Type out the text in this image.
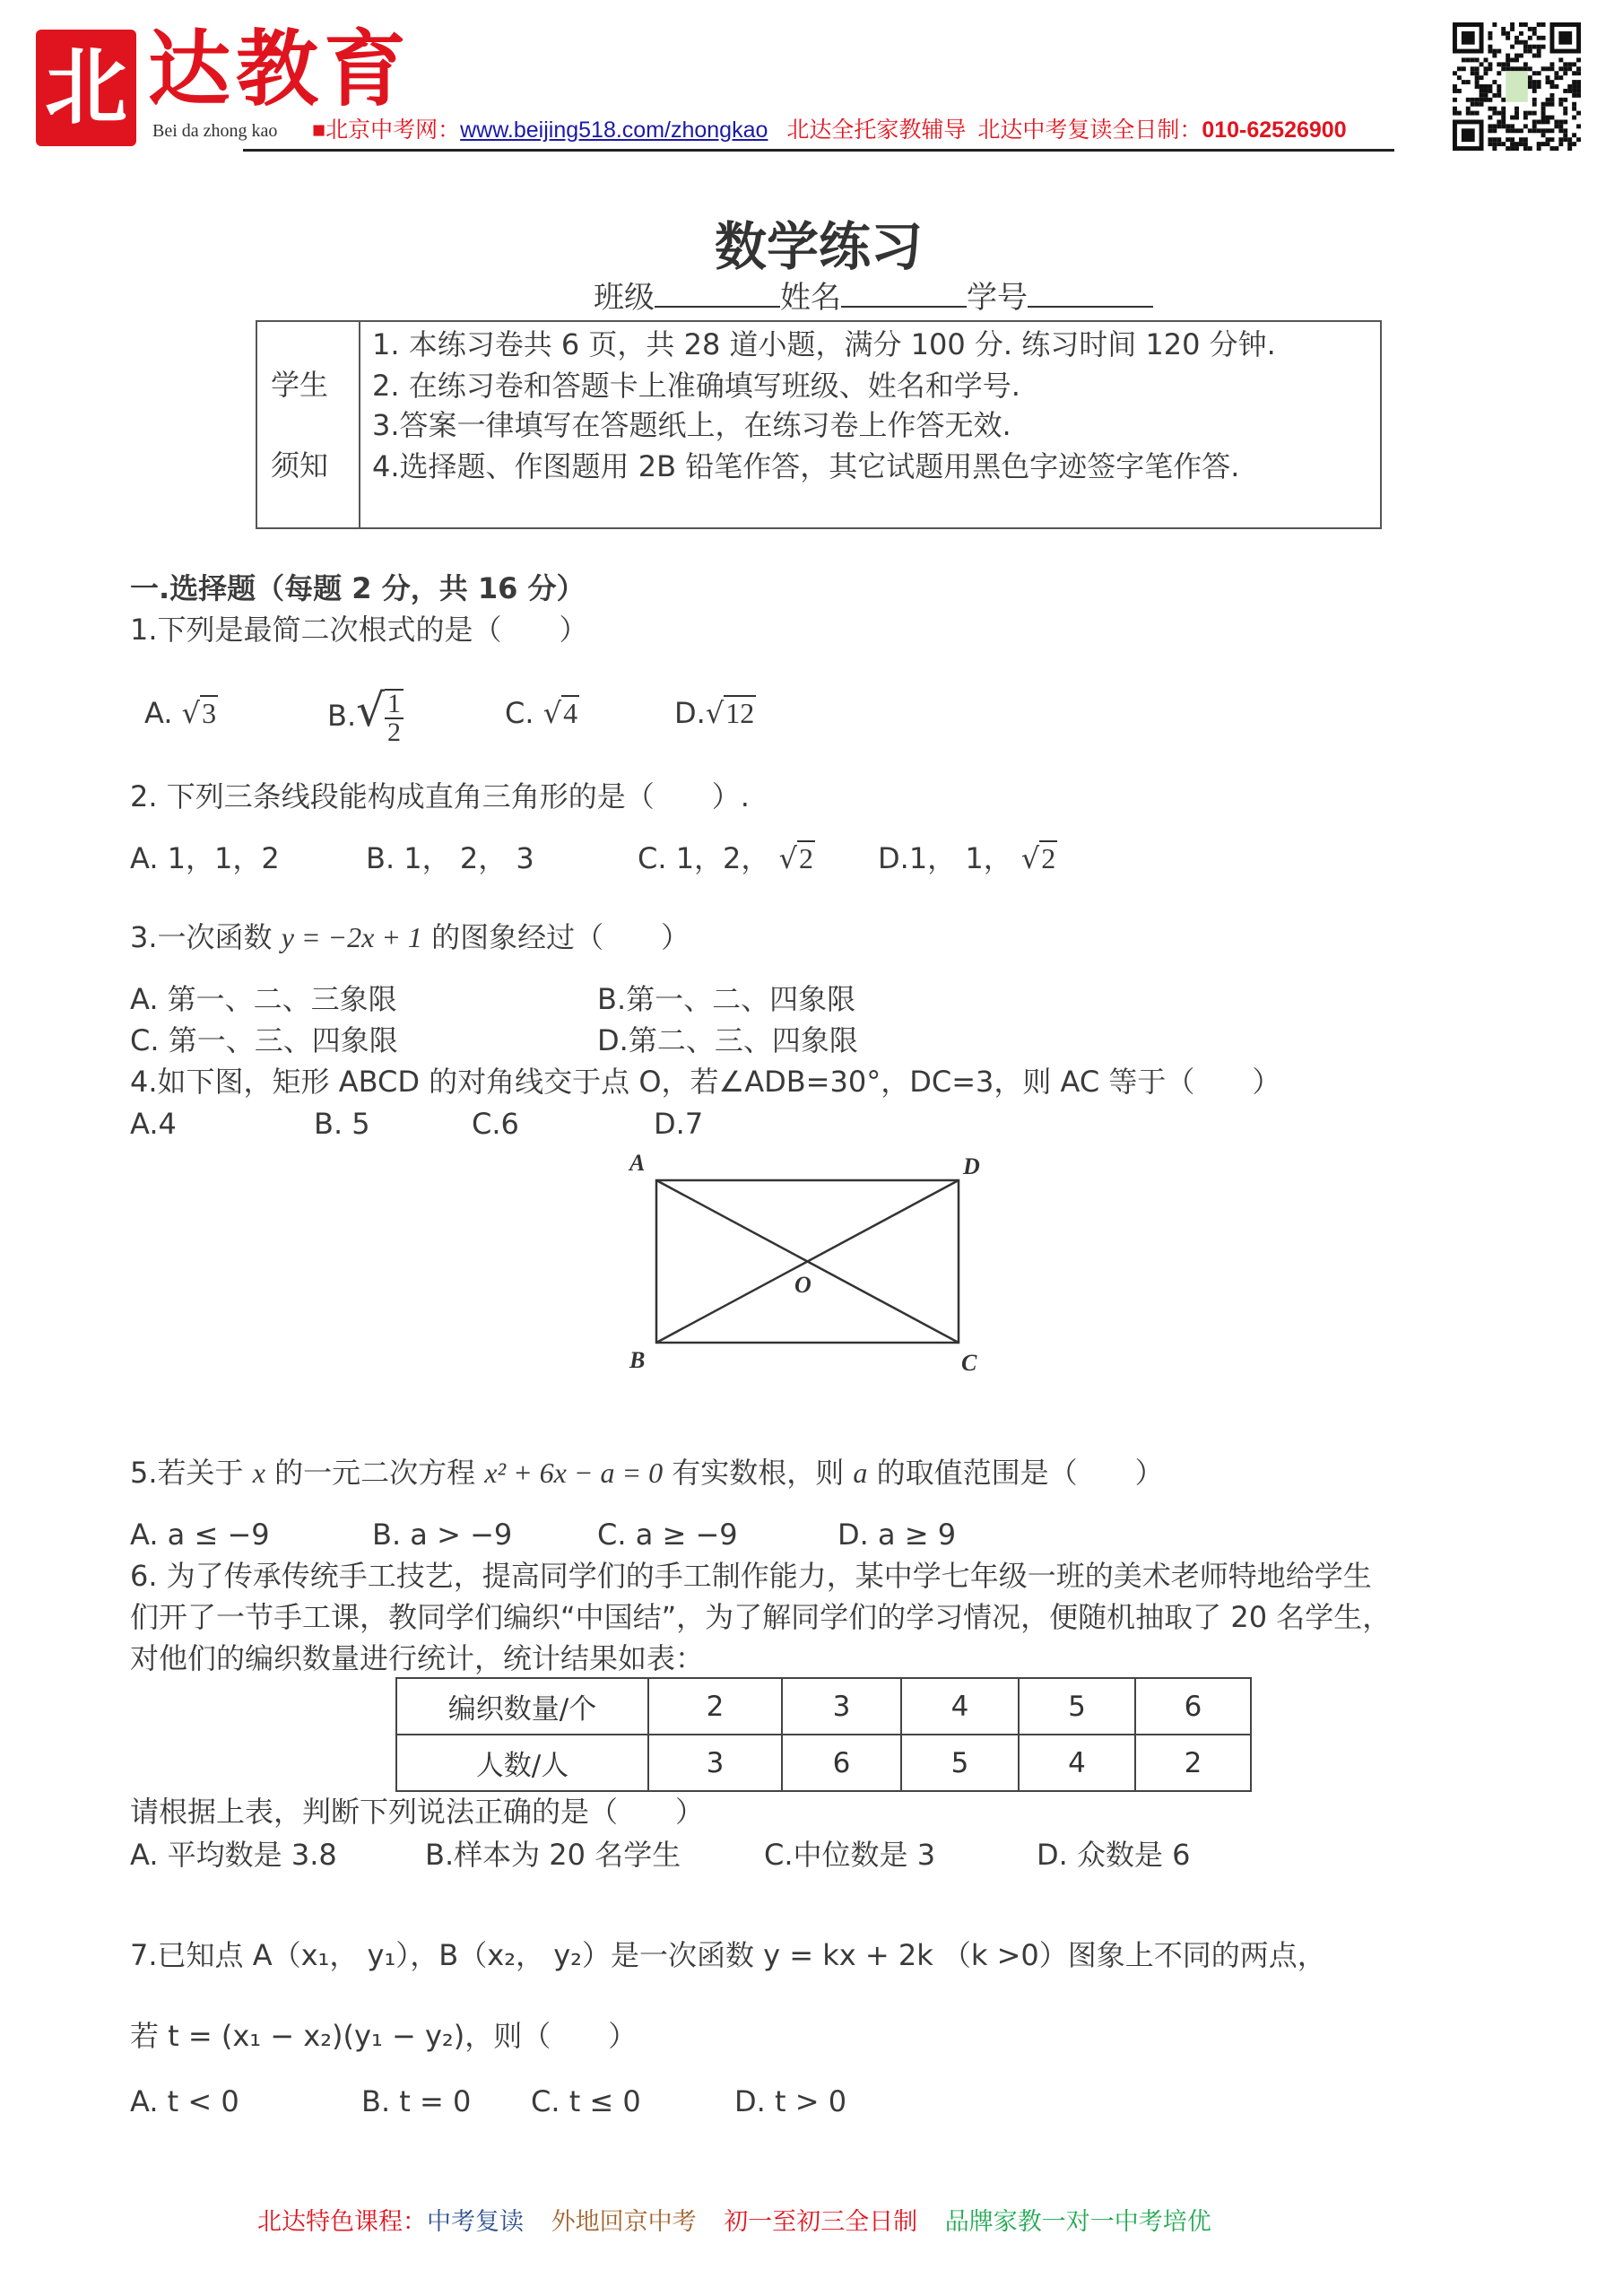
北 达教育
Bei da zhong kao ■北京中考网：www.beijing518.com/zhongkao 北达全托家教辅导 北达中考复读全日制：010-62526900
数学练习
班级	姓名	学号
学生
须知
1. 本练习卷共 6 页，共 28 道小题，满分 100 分. 练习时间 120 分钟.
2. 在练习卷和答题卡上准确填写班级、姓名和学号.
3.答案一律填写在答题纸上，在练习卷上作答无效.
4.选择题、作图题用 2B 铅笔作答，其它试题用黑色字迹签字笔作答.
一.选择题（每题 2 分，共 16 分）
1.下列是最简二次根式的是（　　）
A. √3	$B.√ \frac{1}{2}$	C. √4	D.√12
2. 下列三条线段能构成直角三角形的是（　　）.
A. 1，1，2	B. 1， 2， 3	C. 1，2， √2 D.1， 1， √2
3.一次函数 y = −2x + 1 的图象经过（　　）
A. 第一、二、三象限	B.第一、二、四象限
C. 第一、三、四象限	D.第二、三、四象限
4.如下图，矩形 ABCD 的对角线交于点 O，若∠ADB=30°，DC=3，则 AC 等于（　　）
A.4	B. 5	C.6	D.7
A	D
B	C
O
5.若关于 x 的一元二次方程 x² + 6x − a = 0 有实数根，则 a 的取值范围是（　　）
A. a ≤ −9	B. a > −9	C. a ≥ −9	D. a ≥ 9
6. 为了传承传统手工技艺，提高同学们的手工制作能力，某中学七年级一班的美术老师特地给学生
们开了一节手工课，教同学们编织“中国结”，为了解同学们的学习情况，便随机抽取了 20 名学生，
对他们的编织数量进行统计，统计结果如表：
编织数量/个	2	3	4	5	6
人数/人	3	6	5	4	2
请根据上表，判断下列说法正确的是（　　）
A. 平均数是 3.8	B.样本为 20 名学生	C.中位数是 3	D. 众数是 6
7.已知点 A（x₁， y₁），B（x₂， y₂）是一次函数 y = kx + 2k （k >0）图象上不同的两点，
若 t = (x₁ − x₂)(y₁ − y₂)，则（　　）
A. t < 0	B. t = 0 C. t ≤ 0	D. t > 0
北达特色课程：中考复读 外地回京中考 初一至初三全日制 品牌家教一对一中考培优
